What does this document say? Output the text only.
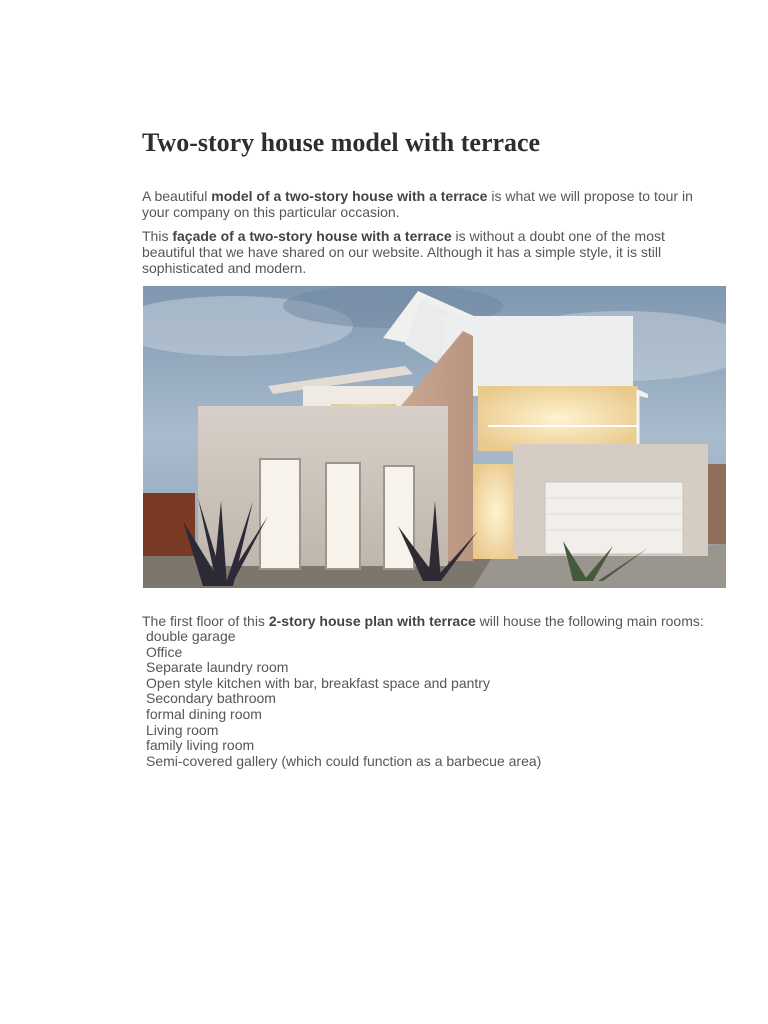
Two-story house model with terrace

A beautiful model of a two-story house with a terrace is what we will propose to tour in your company on this particular occasion.

This façade of a two-story house with a terrace is without a doubt one of the most beautiful that we have shared on our website. Although it has a simple style, it is still sophisticated and modern.

The first floor of this 2-story house plan with terrace will house the following main rooms:

double garage
Office
Separate laundry room
Open style kitchen with bar, breakfast space and pantry
Secondary bathroom
formal dining room
Living room
family living room
Semi-covered gallery (which could function as a barbecue area)
